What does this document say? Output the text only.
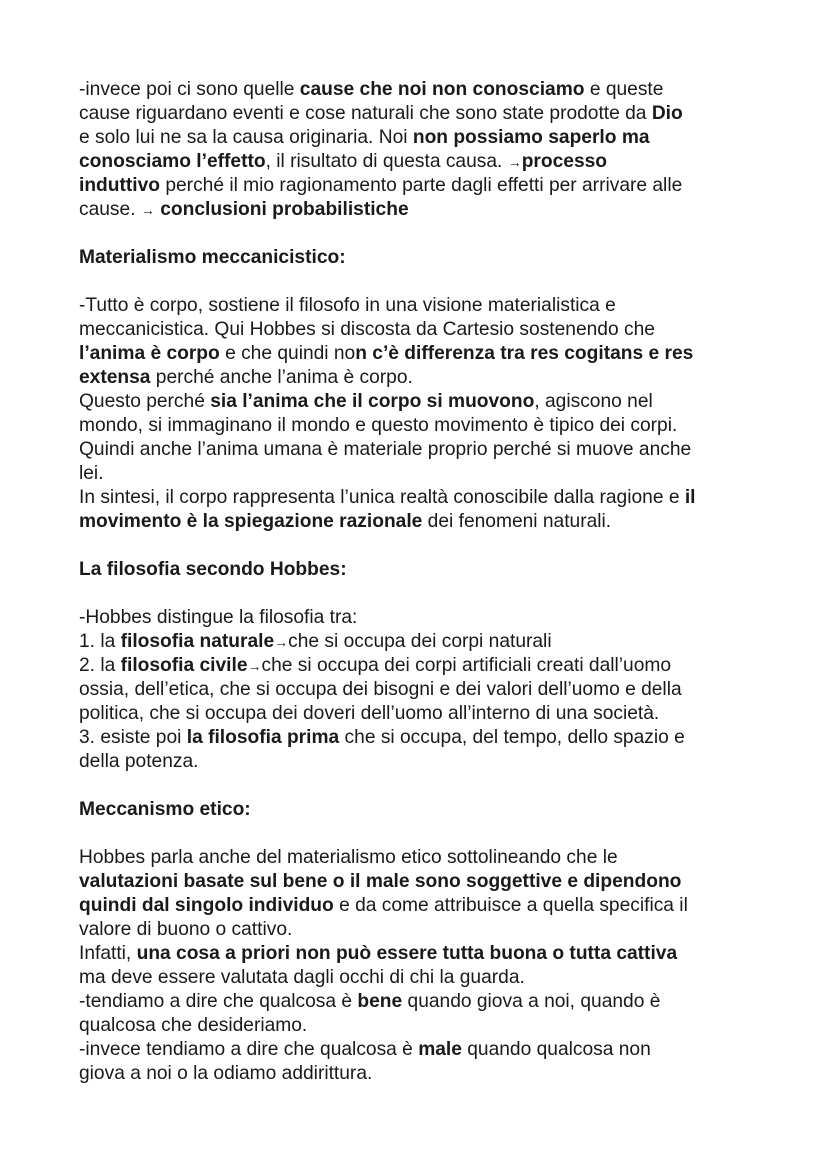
-invece poi ci sono quelle cause che noi non conosciamo e queste
cause riguardano eventi e cose naturali che sono state prodotte da Dio
e solo lui ne sa la causa originaria. Noi non possiamo saperlo ma
conosciamo l’effetto, il risultato di questa causa. →processo
induttivo perché il mio ragionamento parte dagli effetti per arrivare alle
cause. → conclusioni probabilistiche
Materialismo meccanicistico:
-Tutto è corpo, sostiene il filosofo in una visione materialistica e
meccanicistica. Qui Hobbes si discosta da Cartesio sostenendo che
l’anima è corpo e che quindi non c’è differenza tra res cogitans e res
extensa perché anche l’anima è corpo.
Questo perché sia l’anima che il corpo si muovono, agiscono nel
mondo, si immaginano il mondo e questo movimento è tipico dei corpi.
Quindi anche l’anima umana è materiale proprio perché si muove anche
lei.
In sintesi, il corpo rappresenta l’unica realtà conoscibile dalla ragione e il
movimento è la spiegazione razionale dei fenomeni naturali.
La filosofia secondo Hobbes:
-Hobbes distingue la filosofia tra:
1. la filosofia naturale→che si occupa dei corpi naturali
2. la filosofia civile→che si occupa dei corpi artificiali creati dall’uomo
ossia, dell’etica, che si occupa dei bisogni e dei valori dell’uomo e della
politica, che si occupa dei doveri dell’uomo all’interno di una società.
3. esiste poi la filosofia prima che si occupa, del tempo, dello spazio e
della potenza.
Meccanismo etico:
Hobbes parla anche del materialismo etico sottolineando che le
valutazioni basate sul bene o il male sono soggettive e dipendono
quindi dal singolo individuo e da come attribuisce a quella specifica il
valore di buono o cattivo.
Infatti, una cosa a priori non può essere tutta buona o tutta cattiva
ma deve essere valutata dagli occhi di chi la guarda.
-tendiamo a dire che qualcosa è bene quando giova a noi, quando è
qualcosa che desideriamo.
-invece tendiamo a dire che qualcosa è male quando qualcosa non
giova a noi o la odiamo addirittura.
